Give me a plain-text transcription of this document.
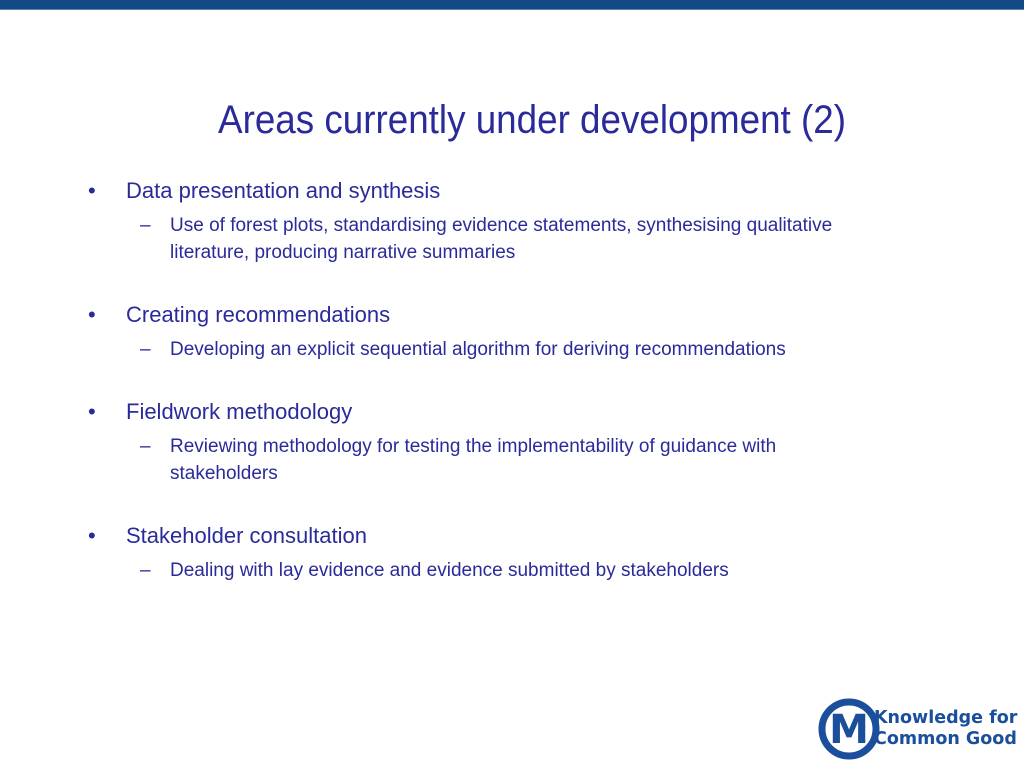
Areas currently under development (2)
• Data presentation and synthesis
– Use of forest plots, standardising evidence statements, synthesising qualitative literature, producing narrative summaries
• Creating recommendations
– Developing an explicit sequential algorithm for deriving recommendations
• Fieldwork methodology
– Reviewing methodology for testing the implementability of guidance with stakeholders
• Stakeholder consultation
– Dealing with lay evidence and evidence submitted by stakeholders
M Knowledge for
Common Good
